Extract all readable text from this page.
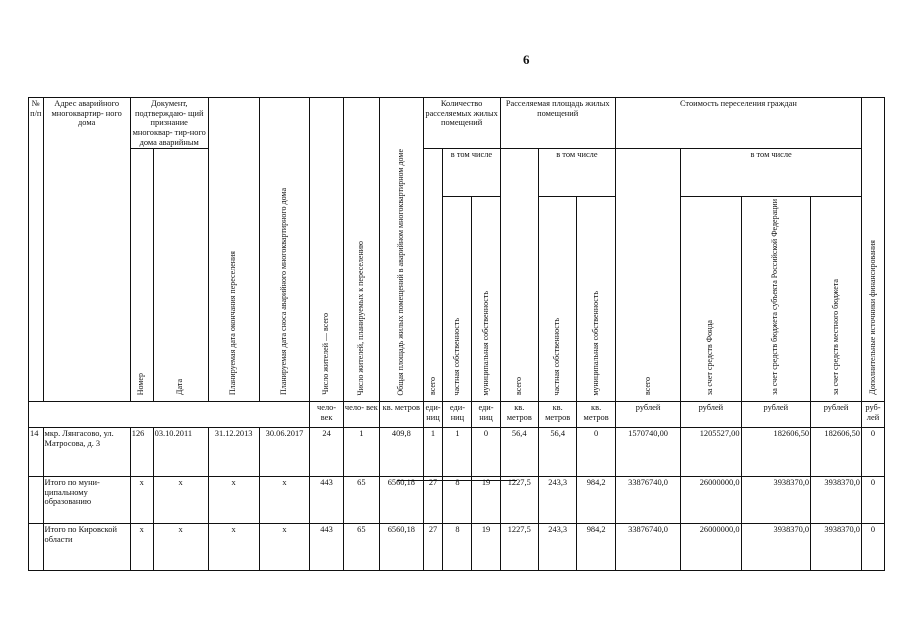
6
№ п/п	Адрес аварийного многоквартир- ного дома	Документ, подтверждаю- щий признание многоквар- тир-ного дома аварийным		Планируемая дата окончания переселения	Планируемая дата сноса аварийного многоквартирного дома	Число жителей — всего	Число жителей, планируемых к переселению	Общая площадь жилых помещений в аварийном многоквартирном доме	Количество расселяемых жилых помещений			Расселяемая площадь жилых помещений			Стоимость переселения граждан				Дополнительные источники финансирования
		Номер	Дата						всего	в том числе		всего	в том числе		всего	в том числе			
										частная собственность	муниципальная собственность		частная собственность	муниципальная собственность		за счет средств Фонда	за счет средств бюджета субъекта Российской Федерации	за счет средств местного бюджета	
						чело- век	чело- век	кв. метров	еди- ниц	еди- ниц	еди- ниц	кв. метров	кв. метров	кв. метров	рублей	рублей	рублей	рублей	руб- лей
14	мкр. Лянгасово, ул. Матросова, д. 3	126	03.10.2011	31.12.2013	30.06.2017	24	1	409,8	1	1	0	56,4	56,4	0	1570740,00	1205527,00	182606,50	182606,50	0
	Итого по муни- ципальному образованию	x	x	x	x	443	65	6560,18	27	8	19	1227,5	243,3	984,2	33876740,0	26000000,0	3938370,0	3938370,0	0
	Итого по Кировской области	x	x	x	x	443	65	6560,18	27	8	19	1227,5	243,3	984,2	33876740,0	26000000,0	3938370,0	3938370,0	0
